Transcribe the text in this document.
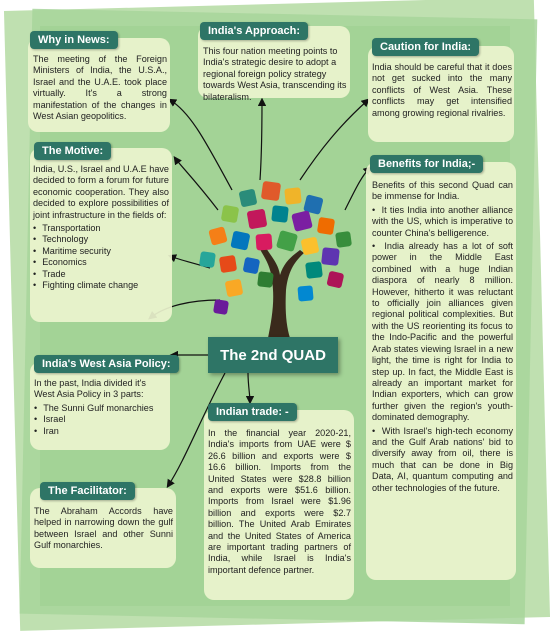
Why in News:
The meeting of the Foreign Ministers of India, the U.S.A., Israel and the U.A.E. took place virtually. It's a strong manifestation of the changes in West Asian geopolitics.
India's Approach:
This four nation meeting points to India's strategic desire to adopt a regional foreign policy strategy towards West Asia, transcending its bilateralism.
Caution for India:
India should be careful that it does not get sucked into the many conflicts of West Asia. These conflicts may get intensified among growing regional rivalries.
The Motive:

India, U.S., Israel and U.A.E have decided to form a forum for future economic cooperation. They also decided to explore possibilities of joint infrastructure in the fields of:

• Transportation
• Technology
• Maritime security
• Economics
• Trade
• Fighting climate change
Benefits for India;-

Benefits of this second Quad can be immense for India.

•  It ties India into another alliance with the US, which is imperative to counter China's belligerence.

•  India already has a lot of soft power in the Middle East combined with a huge Indian diaspora of nearly 8 million. However, hitherto it was reluctant to officially join alliances given regional political complexities. But with the US reorienting its focus to the Indo-Pacific and the powerful Arab states viewing Israel in a new light, the time is right for India to step up. In fact, the Middle East is already an important market for Indian exporters, which can grow further given the region's youth-dominated demography.

•  With Israel's high-tech economy and the Gulf Arab nations' bid to diversify away from oil, there is much that can be done in Big Data, AI, quantum computing and other technologies of the future.

The 2nd QUAD
India's West Asia Policy:

In the past, India divided it's West Asia Policy in 3 parts:

• The Sunni Gulf monarchies
• Israel
• Iran
Indian trade: -
In the financial year 2020-21, India's imports from UAE were $ 26.6 billion and exports were $ 16.6 billion. Imports from the United States were $28.8 billion and exports were $51.6 billion. Imports from Israel were $1.96 billion and exports were $2.7 billion. The United Arab Emirates and the United States of America are important trading partners of India, while Israel is India's important defence partner.
The Facilitator:
The Abraham Accords have helped in narrowing down the gulf between Israel and other Sunni Gulf monarchies.
